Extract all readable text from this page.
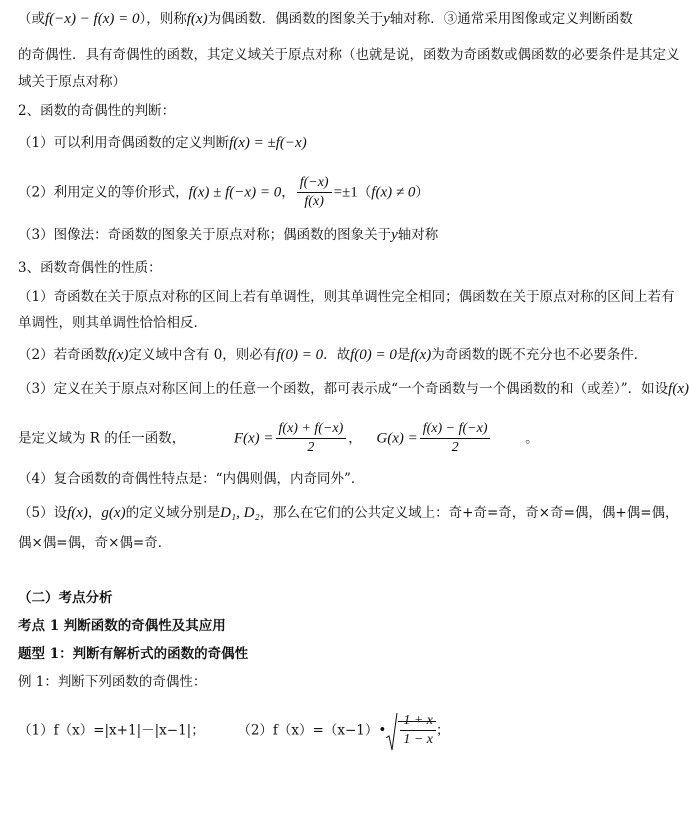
（或f(−x) − f(x) = 0），则称f(x)为偶函数．偶函数的图象关于y轴对称．③通常采用图像或定义判断函数
的奇偶性．具有奇偶性的函数，其定义域关于原点对称（也就是说，函数为奇函数或偶函数的必要条件是其定义
域关于原点对称）
2、函数的奇偶性的判断：
（1）可以利用奇偶函数的定义判断f(x) = ±f(−x)
（2）利用定义的等价形式，f(x) ± f(−x) = 0， $\frac{f(-x)}{f(x)} =\pm 1(f(x) \ne 0)$
（3）图像法：奇函数的图象关于原点对称；偶函数的图象关于y轴对称
3、函数奇偶性的性质：
（1）奇函数在关于原点对称的区间上若有单调性，则其单调性完全相同；偶函数在关于原点对称的区间上若有
单调性，则其单调性恰恰相反．
（2）若奇函数f(x)定义域中含有 0，则必有f(0) = 0．故f(0) = 0是f(x)为奇函数的既不充分也不必要条件．
（3）定义在关于原点对称区间上的任意一个函数，都可表示成“一个奇函数与一个偶函数的和（或差）”．如设f(x)
是定义域为 R 的任一函数，	$F(x) = \frac{f(x) + f(-x)}{2}$ ， $G(x) = \frac{f(x) - f(-x)}{2}$	。
（4）复合函数的奇偶性特点是：“内偶则偶，内奇同外”．
（5）设f(x)，g(x)的定义域分别是D₁, D₂，那么在它们的公共定义域上：奇+奇=奇，奇×奇=偶，偶+偶=偶，
偶×偶=偶，奇×偶=奇．
（二）考点分析
考点 1 判断函数的奇偶性及其应用
题型 1：判断有解析式的函数的奇偶性
例 1：判断下列函数的奇偶性：
（1）f（x）=|x+1|－|x−1|； （2）f（x）=（x−1）• $\frac{1 + x}{1 - x}$ ；
